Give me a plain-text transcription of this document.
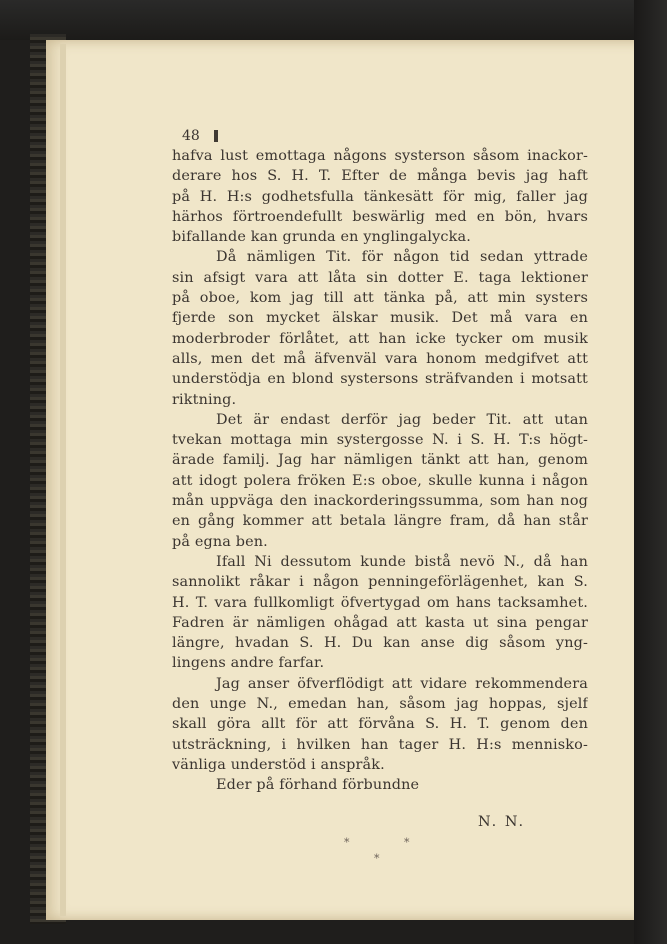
48
hafva lust emottaga någons systerson såsom inackor-
derare hos S. H. T. Efter de många bevis jag haft
på H. H:s godhetsfulla tänkesätt för mig, faller jag
härhos förtroendefullt beswärlig med en bön, hvars
bifallande kan grunda en ynglingalycka.
Då nämligen Tit. för någon tid sedan yttrade
sin afsigt vara att låta sin dotter E. taga lektioner
på oboe, kom jag till att tänka på, att min systers
fjerde son mycket älskar musik. Det må vara en
moderbroder förlåtet, att han icke tycker om musik
alls, men det må äfvenväl vara honom medgifvet att
understödja en blond systersons sträfvanden i motsatt
riktning.
Det är endast derför jag beder Tit. att utan
tvekan mottaga min systergosse N. i S. H. T:s högt-
ärade familj. Jag har nämligen tänkt att han, genom
att idogt polera fröken E:s oboe, skulle kunna i någon
mån uppväga den inackorderingssumma, som han nog
en gång kommer att betala längre fram, då han står
på egna ben.
Ifall Ni dessutom kunde bistå nevö N., då han
sannolikt råkar i någon penningeförlägenhet, kan S.
H. T. vara fullkomligt öfvertygad om hans tacksamhet.
Fadren är nämligen ohågad att kasta ut sina pengar
längre, hvadan S. H. Du kan anse dig såsom yng-
lingens andre farfar.
Jag anser öfverflödigt att vidare rekommendera
den unge N., emedan han, såsom jag hoppas, sjelf
skall göra allt för att förvåna S. H. T. genom den
utsträckning, i hvilken han tager H. H:s mennisko-
vänliga understöd i anspråk.
Eder på förhand förbundne
N. N.
*	*
*
